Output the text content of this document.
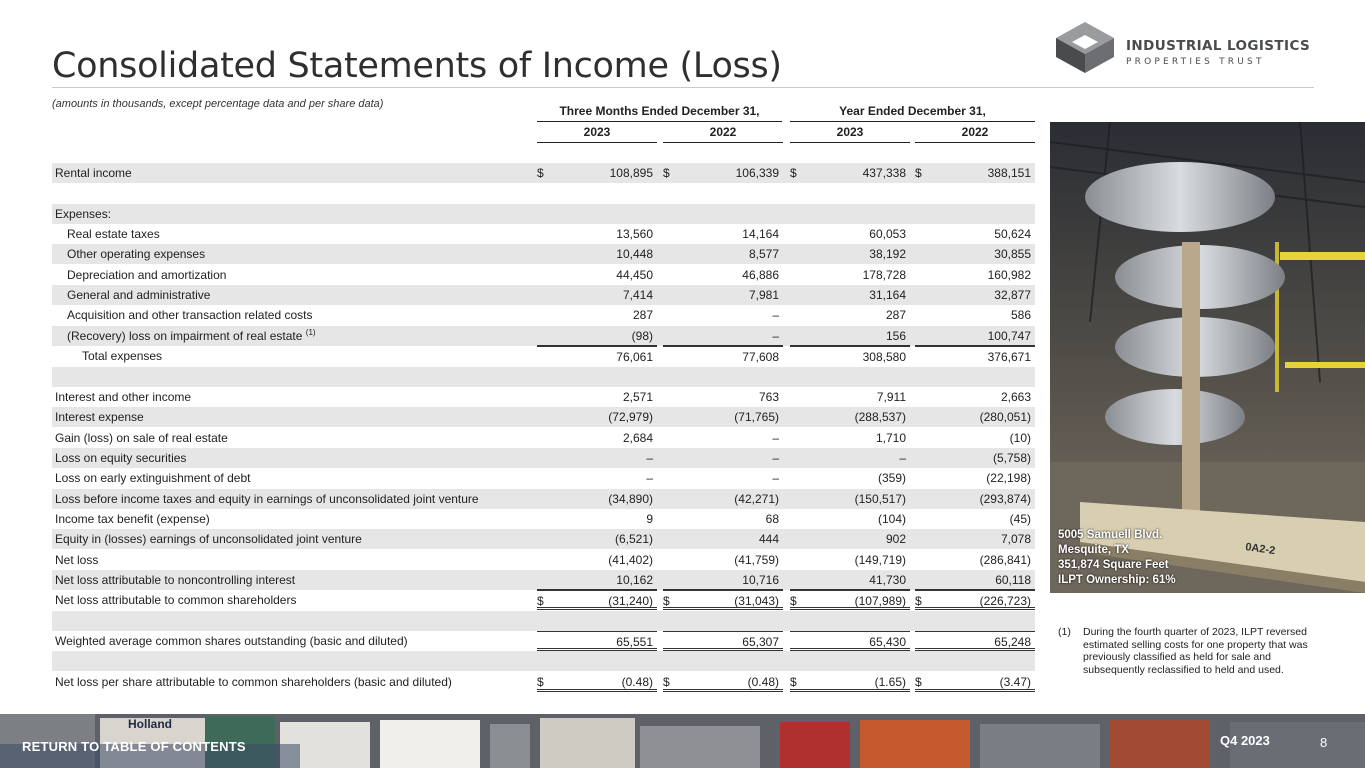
Consolidated Statements of Income (Loss)
(amounts in thousands, except percentage data and per share data)
INDUSTRIAL LOGISTICS
PROPERTIES TRUST
Three Months Ended December 31,	Year Ended December 31,
2023	2022	2023	2022
Rental income	$	108,895 $	106,339 $	437,338 $	388,151
Expenses:
Real estate taxes	13,560	14,164	60,053	50,624
Other operating expenses	10,448	8,577	38,192	30,855
Depreciation and amortization	44,450	46,886	178,728	160,982
General and administrative	7,414	7,981	31,164	32,877
Acquisition and other transaction related costs	287	–	287	586
(Recovery) loss on impairment of real estate $^{(1)}$	(98)	–	156	100,747
Total expenses	76,061	77,608	308,580	376,671
Interest and other income	2,571	763	7,911	2,663
Interest expense	(72,979)	(71,765)	(288,537)	(280,051)
Gain (loss) on sale of real estate	2,684	–	1,710	(10)
Loss on equity securities	–	–	–	(5,758)
Loss on early extinguishment of debt	–	–	(359)	(22,198)
Loss before income taxes and equity in earnings of unconsolidated joint venture	(34,890)	(42,271)	(150,517)	(293,874)
Income tax benefit (expense)	9	68	(104)	(45)
Equity in (losses) earnings of unconsolidated joint venture	(6,521)	444	902	7,078
Net loss	(41,402)	(41,759)	(149,719)	(286,841)
Net loss attributable to noncontrolling interest	10,162	10,716	41,730	60,118
Net loss attributable to common shareholders	$	(31,240) $	(31,043) $	(107,989) $	(226,723)
Weighted average common shares outstanding (basic and diluted)	65,551	65,307	65,430	65,248
Net loss per share attributable to common shareholders (basic and diluted)	$	(0.48) $	(0.48) $	(1.65) $	(3.47)
0A2-2
5005 Samuell Blvd.
Mesquite, TX
351,874 Square Feet
ILPT Ownership: 61%
(1) During the fourth quarter of 2023, ILPT reversed estimated selling costs for one property that was previously classified as held for sale and subsequently reclassified to held and used.
Holland
RETURN TO TABLE OF CONTENTS	Q4 2023	8
